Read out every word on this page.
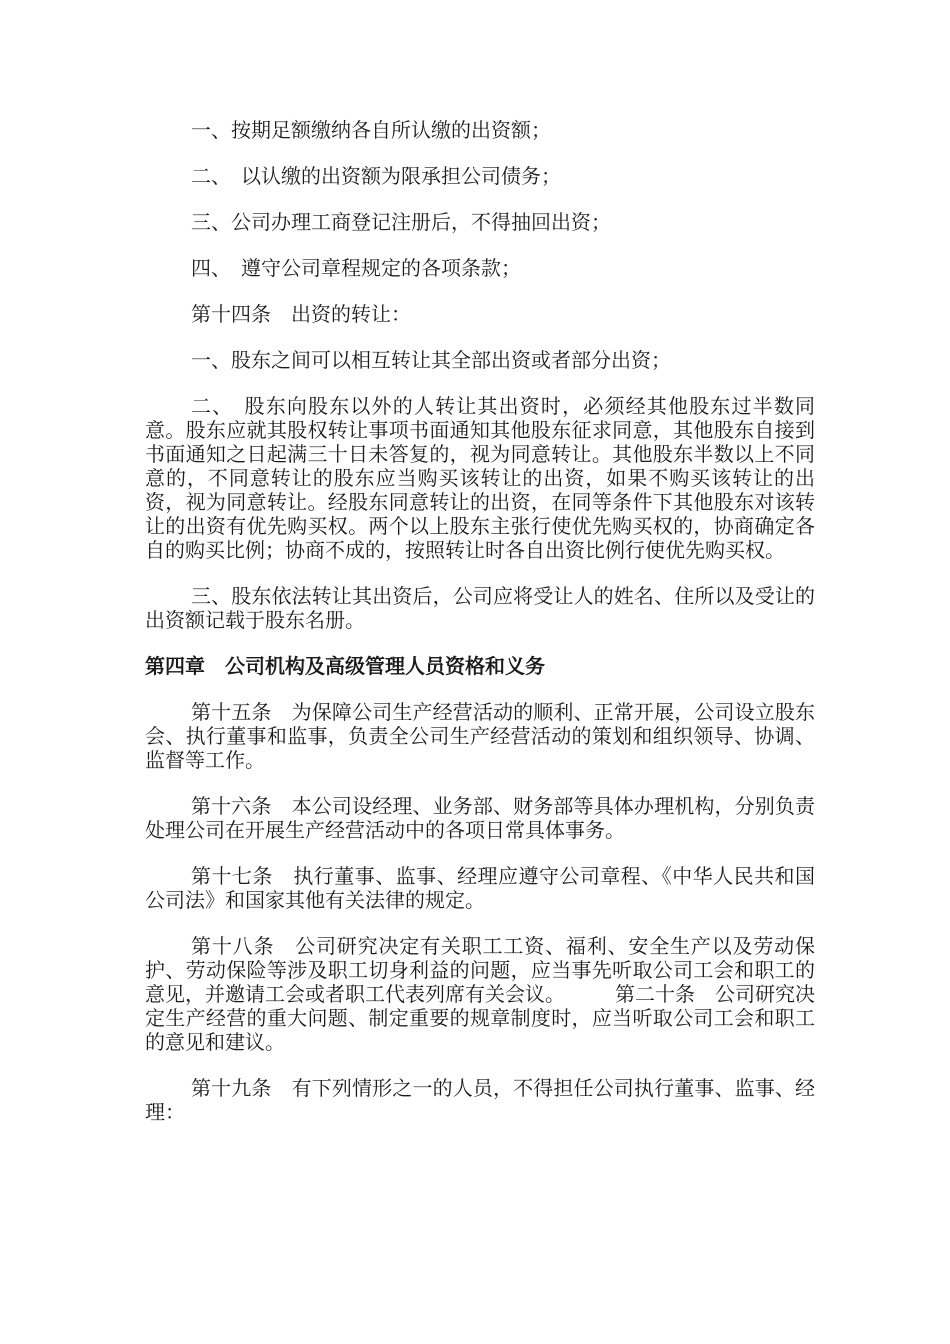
一、按期足额缴纳各自所认缴的出资额；

二、　以认缴的出资额为限承担公司债务；

三、公司办理工商登记注册后，不得抽回出资；

四、　遵守公司章程规定的各项条款；

第十四条　出资的转让：

一、股东之间可以相互转让其全部出资或者部分出资；

二、　股东向股东以外的人转让其出资时，必须经其他股东过半数同意。股东应就其股权转让事项书面通知其他股东征求同意，其他股东自接到书面通知之日起满三十日未答复的，视为同意转让。其他股东半数以上不同意的，不同意转让的股东应当购买该转让的出资，如果不购买该转让的出资，视为同意转让。经股东同意转让的出资，在同等条件下其他股东对该转让的出资有优先购买权。两个以上股东主张行使优先购买权的，协商确定各自的购买比例；协商不成的，按照转让时各自出资比例行使优先购买权。

三、股东依法转让其出资后，公司应将受让人的姓名、住所以及受让的出资额记载于股东名册。

第四章　公司机构及高级管理人员资格和义务

第十五条　为保障公司生产经营活动的顺利、正常开展，公司设立股东会、执行董事和监事，负责全公司生产经营活动的策划和组织领导、协调、监督等工作。

第十六条　本公司设经理、业务部、财务部等具体办理机构，分别负责处理公司在开展生产经营活动中的各项日常具体事务。

第十七条　执行董事、监事、经理应遵守公司章程、《中华人民共和国公司法》和国家其他有关法律的规定。

第十八条　公司研究决定有关职工工资、福利、安全生产以及劳动保护、劳动保险等涉及职工切身利益的问题，应当事先听取公司工会和职工的意见，并邀请工会或者职工代表列席有关会议。　　　第二十条　公司研究决定生产经营的重大问题、制定重要的规章制度时，应当听取公司工会和职工的意见和建议。

第十九条　有下列情形之一的人员，不得担任公司执行董事、监事、经理：
